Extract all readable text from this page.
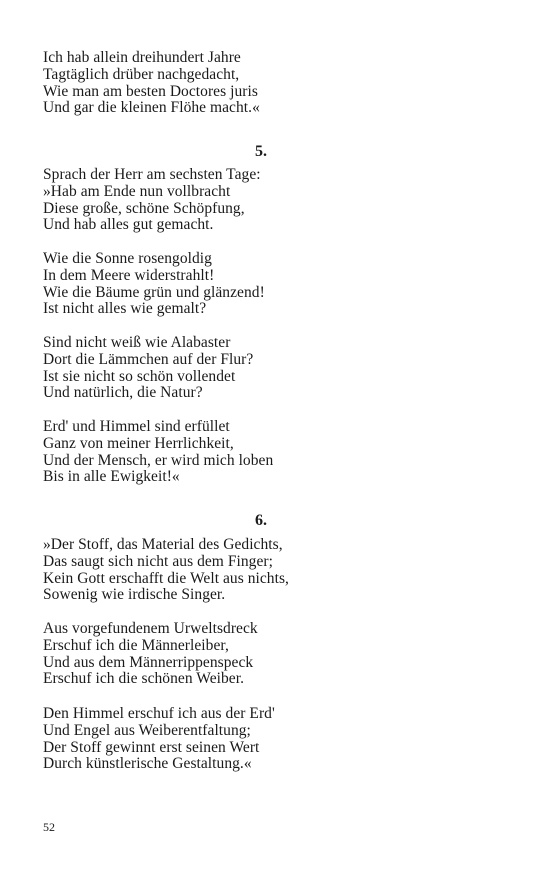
Ich hab allein dreihundert Jahre
Tagtäglich drüber nachgedacht,
Wie man am besten Doctores juris
Und gar die kleinen Flöhe macht.«
5.
Sprach der Herr am sechsten Tage:
»Hab am Ende nun vollbracht
Diese große, schöne Schöpfung,
Und hab alles gut gemacht.
Wie die Sonne rosengoldig
In dem Meere widerstrahlt!
Wie die Bäume grün und glänzend!
Ist nicht alles wie gemalt?
Sind nicht weiß wie Alabaster
Dort die Lämmchen auf der Flur?
Ist sie nicht so schön vollendet
Und natürlich, die Natur?
Erd' und Himmel sind erfüllet
Ganz von meiner Herrlichkeit,
Und der Mensch, er wird mich loben
Bis in alle Ewigkeit!«
6.
»Der Stoff, das Material des Gedichts,
Das saugt sich nicht aus dem Finger;
Kein Gott erschafft die Welt aus nichts,
Sowenig wie irdische Singer.
Aus vorgefundenem Urweltsdreck
Erschuf ich die Männerleiber,
Und aus dem Männerrippenspeck
Erschuf ich die schönen Weiber.
Den Himmel erschuf ich aus der Erd'
Und Engel aus Weiberentfaltung;
Der Stoff gewinnt erst seinen Wert
Durch künstlerische Gestaltung.«
52
